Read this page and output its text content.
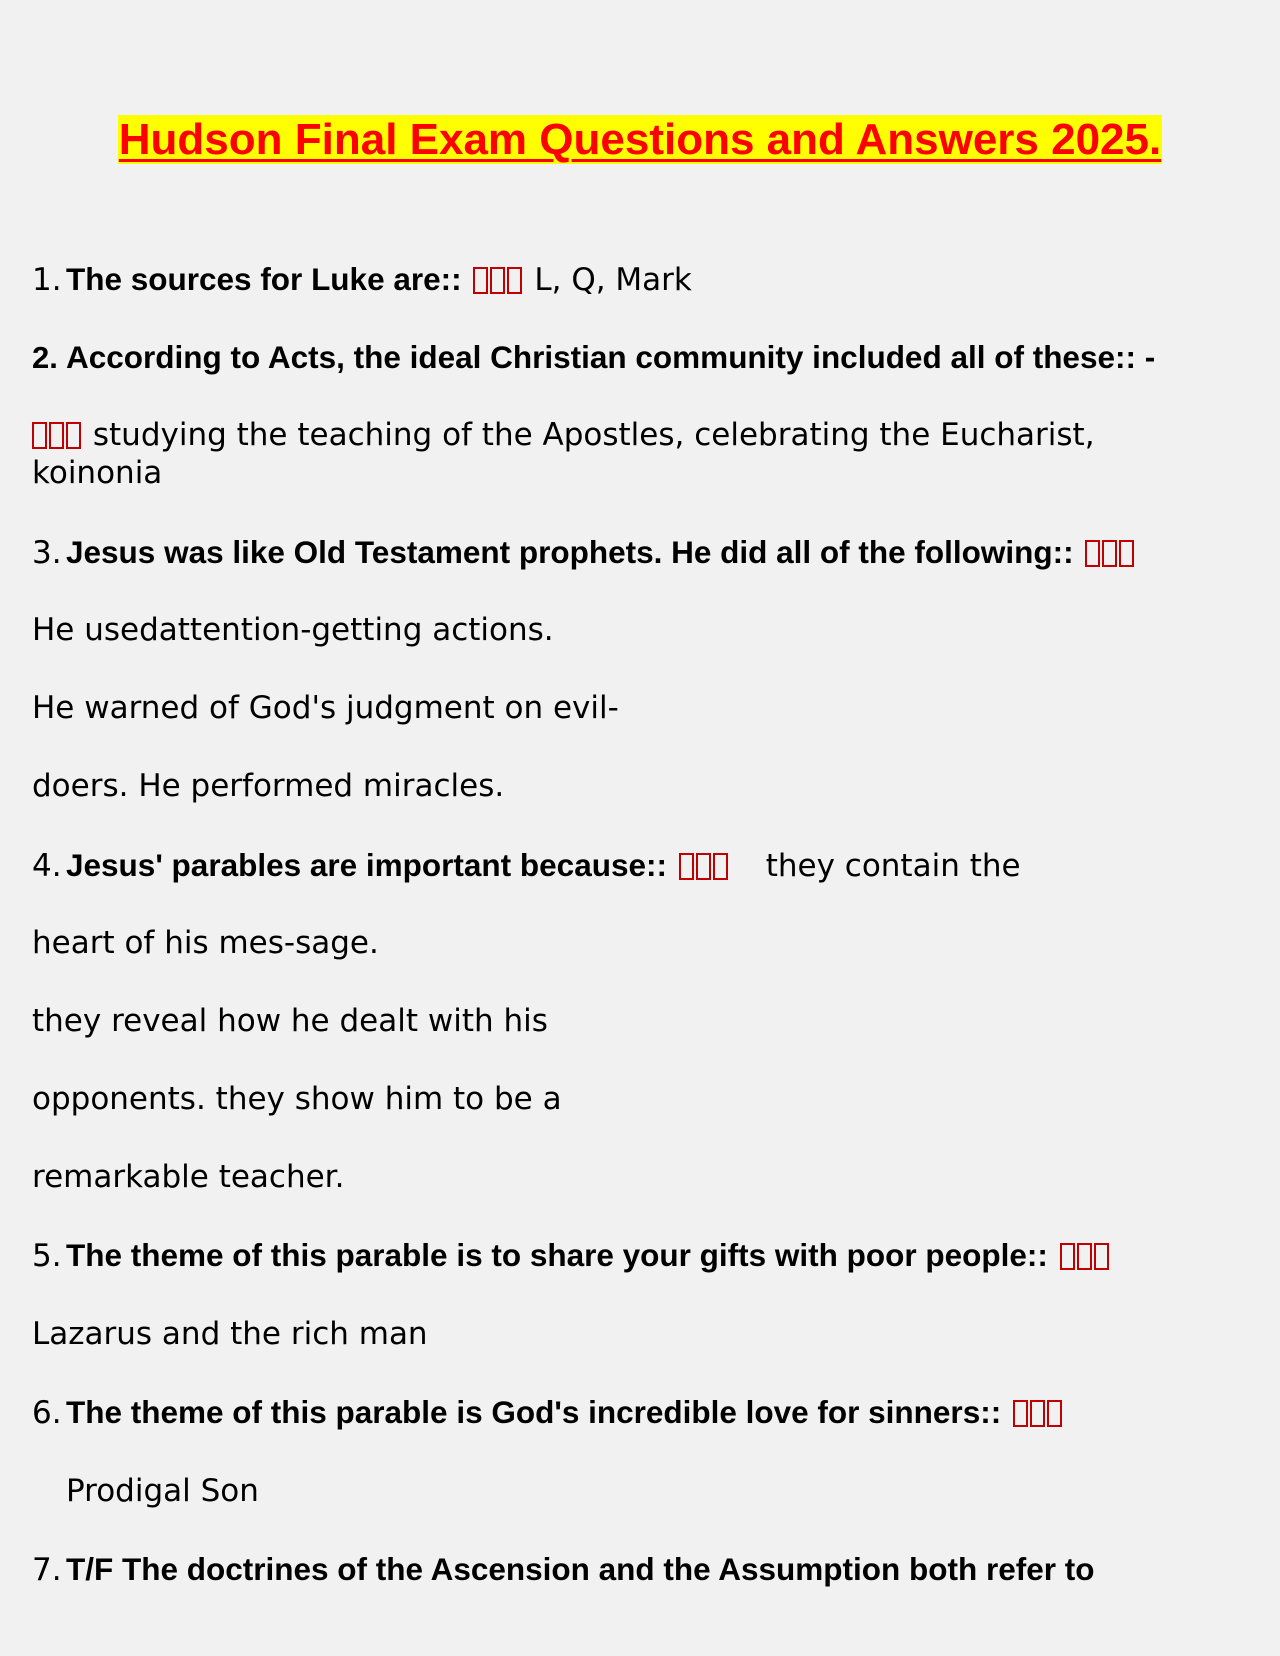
Hudson Final Exam Questions and Answers 2025.
1. The sources for Luke are:: L, Q, Mark
2. According to Acts, the ideal Christian community included all of these:: -
studying the teaching of the Apostles, celebrating the Eucharist,
koinonia
3. Jesus was like Old Testament prophets. He did all of the following::
He usedattention-getting actions.
He warned of God's judgment on evil-
doers. He performed miracles.
4. Jesus' parables are important because::	they contain the
heart of his mes-sage.
they reveal how he dealt with his
opponents. they show him to be a
remarkable teacher.
5. The theme of this parable is to share your gifts with poor people::
Lazarus and the rich man
6. The theme of this parable is God's incredible love for sinners::
Prodigal Son
7. T/F The doctrines of the Ascension and the Assumption both refer to
